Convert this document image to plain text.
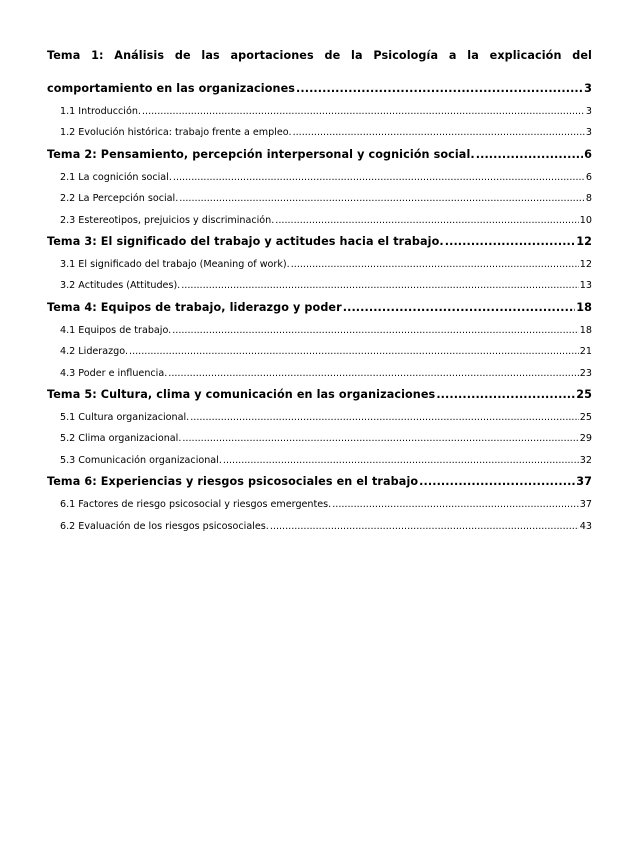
Tema 1: Análisis de las aportaciones de la Psicología a la explicación del
comportamiento en las organizaciones .....	3
1.1 Introducción. .....	3
1.2 Evolución histórica: trabajo frente a empleo. .....	3
Tema 2: Pensamiento, percepción interpersonal y cognición social. .....	6
2.1 La cognición social. .....	6
2.2 La Percepción social. .....	8
2.3 Estereotipos, prejuicios y discriminación. .....	10
Tema 3: El significado del trabajo y actitudes hacia el trabajo. .....	12
3.1 El significado del trabajo (Meaning of work). .....	12
3.2 Actitudes (Attitudes). .....	13
Tema 4: Equipos de trabajo, liderazgo y poder .....	18
4.1 Equipos de trabajo. .....	18
4.2 Liderazgo. .....	21
4.3 Poder e influencia. .....	23
Tema 5: Cultura, clima y comunicación en las organizaciones .....	25
5.1 Cultura organizacional. .....	25
5.2 Clima organizacional. .....	29
5.3 Comunicación organizacional. .....	32
Tema 6: Experiencias y riesgos psicosociales en el trabajo .....	37
6.1 Factores de riesgo psicosocial y riesgos emergentes. .....	37
6.2 Evaluación de los riesgos psicosociales. .....	43
